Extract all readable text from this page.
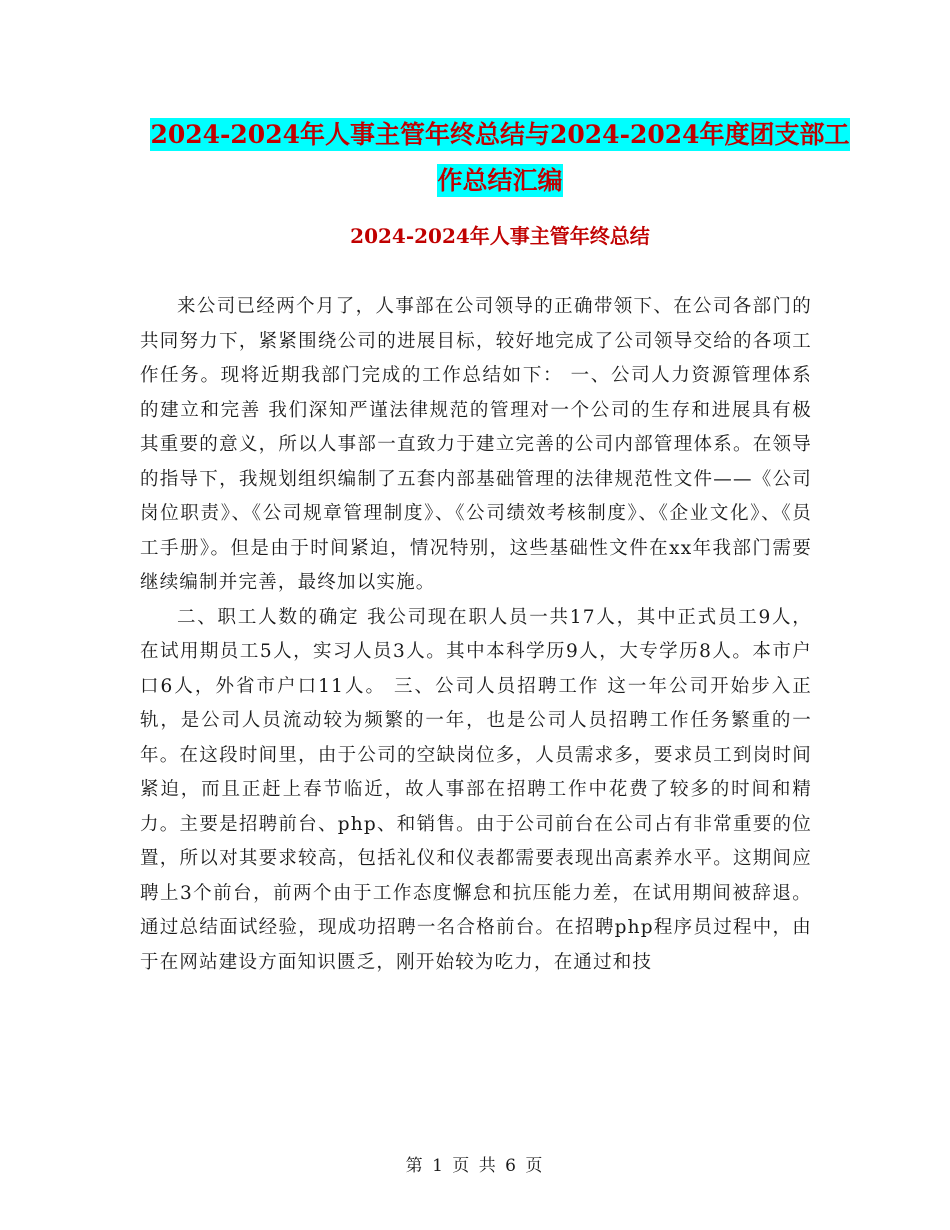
2024-2024年人事主管年终总结与2024-2024年度团支部工作总结汇编
2024-2024年人事主管年终总结

来公司已经两个月了，人事部在公司领导的正确带领下、在公司各部门的共同努力下，紧紧围绕公司的进展目标，较好地完成了公司领导交给的各项工作任务。现将近期我部门完成的工作总结如下： 一、公司人力资源管理体系的建立和完善 我们深知严谨法律规范的管理对一个公司的生存和进展具有极其重要的意义，所以人事部一直致力于建立完善的公司内部管理体系。在领导的指导下，我规划组织编制了五套内部基础管理的法律规范性文件——《公司岗位职责》、《公司规章管理制度》、《公司绩效考核制度》、《企业文化》、《员工手册》。但是由于时间紧迫，情况特别，这些基础性文件在xx年我部门需要继续编制并完善，最终加以实施。

二、职工人数的确定 我公司现在职人员一共17人，其中正式员工9人，在试用期员工5人，实习人员3人。其中本科学历9人，大专学历8人。本市户口6人，外省市户口11人。 三、公司人员招聘工作 这一年公司开始步入正轨，是公司人员流动较为频繁的一年，也是公司人员招聘工作任务繁重的一年。在这段时间里，由于公司的空缺岗位多，人员需求多，要求员工到岗时间紧迫，而且正赶上春节临近，故人事部在招聘工作中花费了较多的时间和精力。主要是招聘前台、php、和销售。由于公司前台在公司占有非常重要的位置，所以对其要求较高，包括礼仪和仪表都需要表现出高素养水平。这期间应聘上3个前台，前两个由于工作态度懈怠和抗压能力差，在试用期间被辞退。通过总结面试经验，现成功招聘一名合格前台。在招聘php程序员过程中，由于在网站建设方面知识匮乏，刚开始较为吃力，在通过和技

第 1 页 共 6 页
